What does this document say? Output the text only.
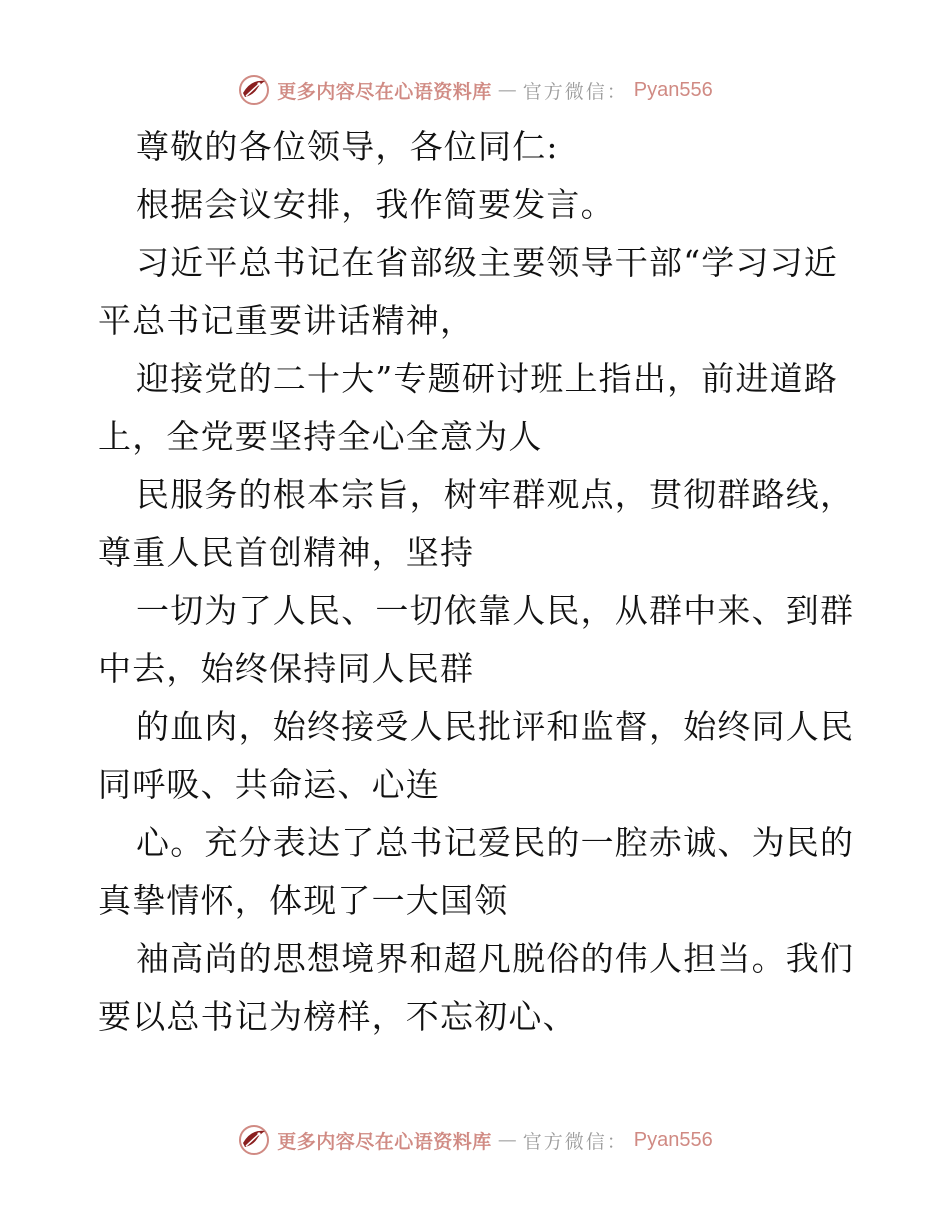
更多内容尽在心语资料库 — 官方微信： Pyan556

尊敬的各位领导，各位同仁:

根据会议安排，我作简要发言。

习近平总书记在省部级主要领导干部“学习习近平总书记重要讲话精神，

迎接党的二十大”专题研讨班上指出，前进道路上，全党要坚持全心全意为人

民服务的根本宗旨，树牢群观点，贯彻群路线，尊重人民首创精神，坚持

一切为了人民、一切依靠人民，从群中来、到群中去，始终保持同人民群

的血肉，始终接受人民批评和监督，始终同人民同呼吸、共命运、心连

心。充分表达了总书记爱民的一腔赤诚、为民的真挚情怀，体现了一大国领

袖高尚的思想境界和超凡脱俗的伟人担当。我们要以总书记为榜样，不忘初心、

更多内容尽在心语资料库 — 官方微信： Pyan556
